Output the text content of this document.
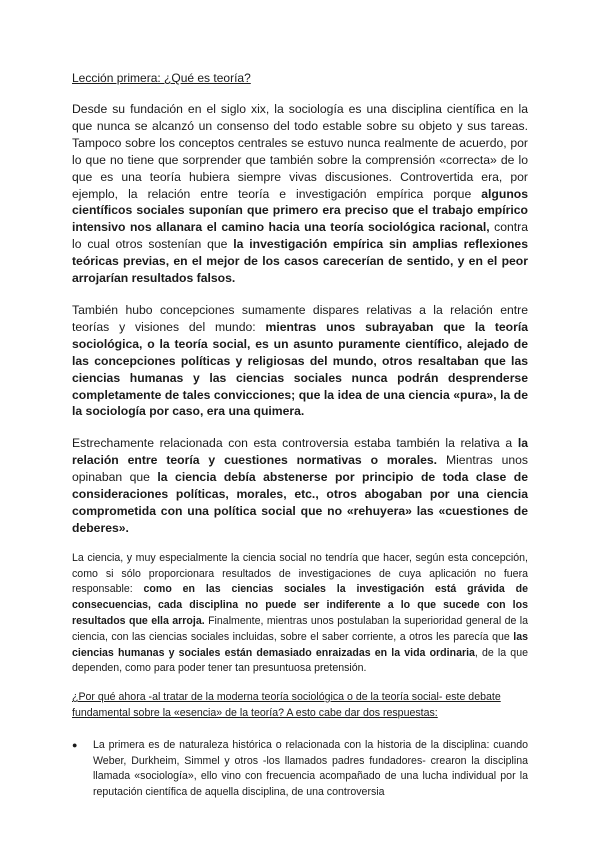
Lección primera: ¿Qué es teoría?

Desde su fundación en el siglo xix, la sociología es una disciplina científica en la que nunca se alcanzó un consenso del todo estable sobre su objeto y sus tareas. Tampoco sobre los conceptos centrales se estuvo nunca realmente de acuerdo, por lo que no tiene que sorprender que también sobre la comprensión «correcta» de lo que es una teoría hubiera siempre vivas discusiones. Controvertida era, por ejemplo, la relación entre teoría e investigación empírica porque algunos científicos sociales suponían que primero era preciso que el trabajo empírico intensivo nos allanara el camino hacia una teoría sociológica racional, contra lo cual otros sostenían que la investigación empírica sin amplias reflexiones teóricas previas, en el mejor de los casos carecerían de sentido, y en el peor arrojarían resultados falsos.

También hubo concepciones sumamente dispares relativas a la relación entre teorías y visiones del mundo: mientras unos subrayaban que la teoría sociológica, o la teoría social, es un asunto puramente científico, alejado de las concepciones políticas y religiosas del mundo, otros resaltaban que las ciencias humanas y las ciencias sociales nunca podrán desprenderse completamente de tales convicciones; que la idea de una ciencia «pura», la de la sociología por caso, era una quimera.

Estrechamente relacionada con esta controversia estaba también la relativa a la relación entre teoría y cuestiones normativas o morales. Mientras unos opinaban que la ciencia debía abstenerse por principio de toda clase de consideraciones políticas, morales, etc., otros abogaban por una ciencia comprometida con una política social que no «rehuyera» las «cuestiones de deberes».

La ciencia, y muy especialmente la ciencia social no tendría que hacer, según esta concepción, como si sólo proporcionara resultados de investigaciones de cuya aplicación no fuera responsable: como en las ciencias sociales la investigación está grávida de consecuencias, cada disciplina no puede ser indiferente a lo que sucede con los resultados que ella arroja. Finalmente, mientras unos postulaban la superioridad general de la ciencia, con las ciencias sociales incluidas, sobre el saber corriente, a otros les parecía que las ciencias humanas y sociales están demasiado enraizadas en la vida ordinaria, de la que dependen, como para poder tener tan presuntuosa pretensión.

¿Por qué ahora -al tratar de la moderna teoría sociológica o de la teoría social- este debate fundamental sobre la «esencia» de la teoría? A esto cabe dar dos respuestas:

● La primera es de naturaleza histórica o relacionada con la historia de la disciplina: cuando Weber, Durkheim, Simmel y otros -los llamados padres fundadores- crearon la disciplina llamada «sociología», ello vino con frecuencia acompañado de una lucha individual por la reputación científica de aquella disciplina, de una controversia
